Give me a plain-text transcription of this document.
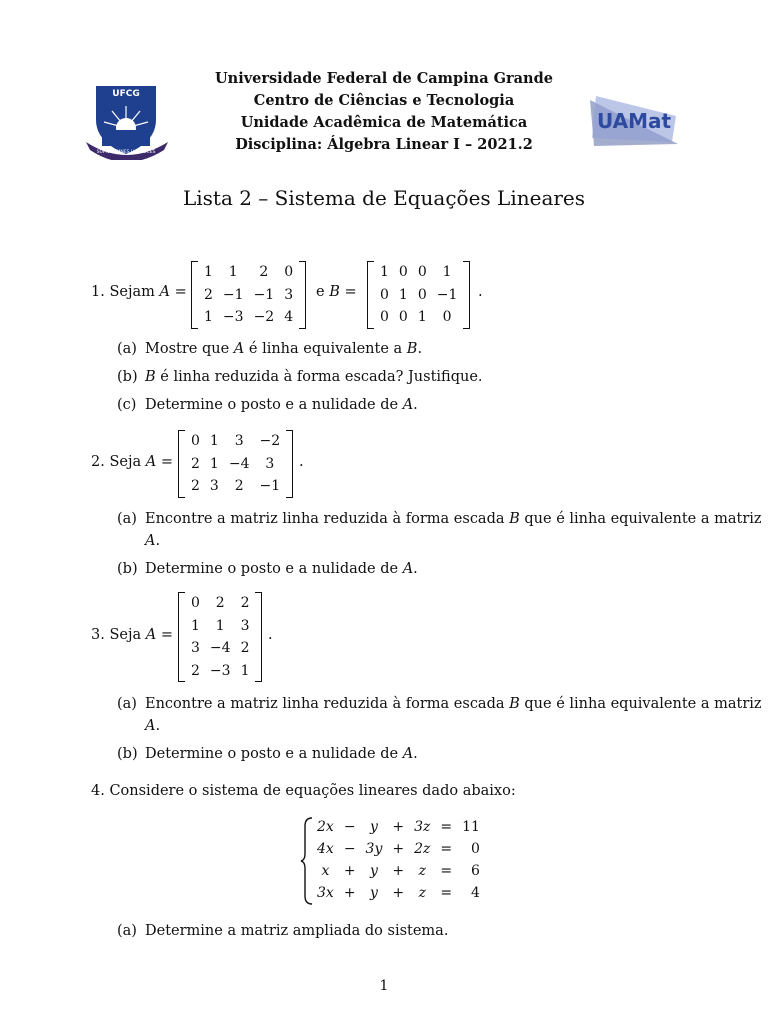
Universidade Federal de Campina Grande
Centro de Ciências e Tecnologia
Unidade Acadêmica de Matemática
Disciplina: Álgebra Linear I – 2021.2
UFCG
SUPRA OMNES LUX LUCES
UAMat
Lista 2 – Sistema de Equações Lineares
1. Sejam A =
1	1	2	0
2	−1	−1	3
1	−3	−2	4
e B =
1	0	0	1
0	1	0	−1
0	0	1	0
.
(a) Mostre que A é linha equivalente a B.
(b) B é linha reduzida à forma escada? Justifique.
(c) Determine o posto e a nulidade de A.
2. Seja A =
0	1	3	−2
2	1	−4	3
2	3	2	−1
.
(a) Encontre a matriz linha reduzida à forma escada B que é linha equivalente a matriz
A.
(b) Determine o posto e a nulidade de A.
3. Seja A =
0	2	2
1	1	3
3	−4	2
2	−3	1
.
(a) Encontre a matriz linha reduzida à forma escada B que é linha equivalente a matriz
A.
(b) Determine o posto e a nulidade de A.
4. Considere o sistema de equações lineares dado abaixo:
2x	−	y	+	3z	=	11
4x	−	3y	+	2z	=	0
x	+	y	+	z	=	6
3x	+	y	+	z	=	4
(a) Determine a matriz ampliada do sistema.
1
